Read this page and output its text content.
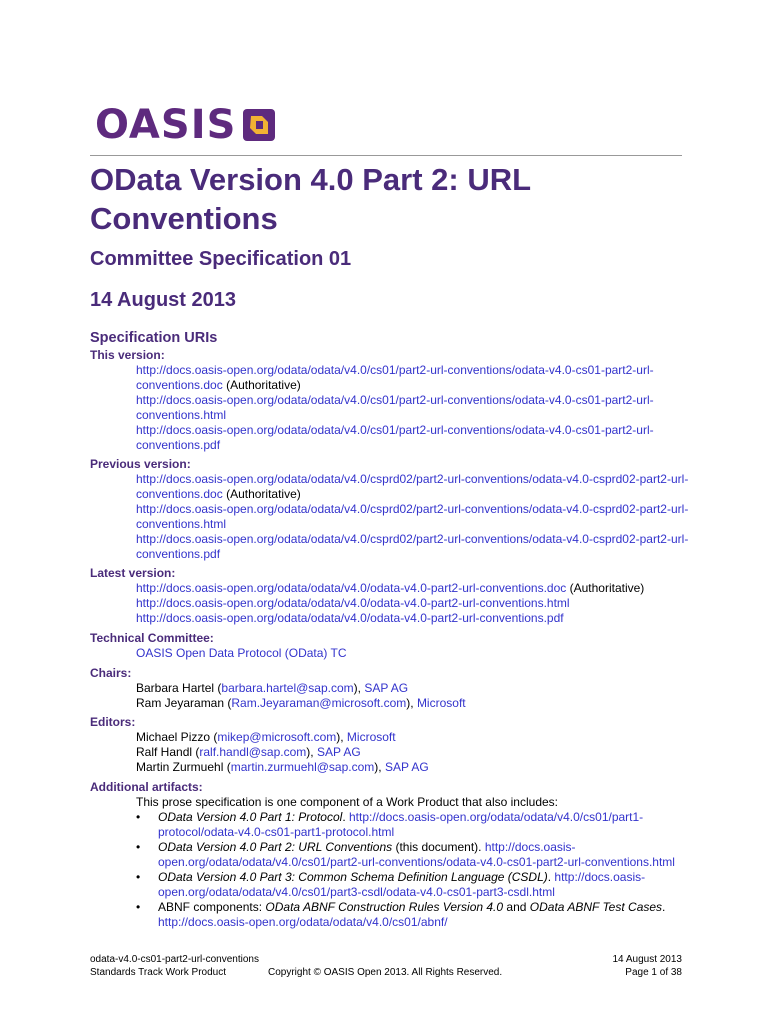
OASIS
OData Version 4.0 Part 2: URL Conventions
Committee Specification 01
14 August 2013
Specification URIs
This version:
http://docs.oasis-open.org/odata/odata/v4.0/cs01/part2-url-conventions/odata-v4.0-cs01-part2-url-conventions.doc (Authoritative)
http://docs.oasis-open.org/odata/odata/v4.0/cs01/part2-url-conventions/odata-v4.0-cs01-part2-url-conventions.html
http://docs.oasis-open.org/odata/odata/v4.0/cs01/part2-url-conventions/odata-v4.0-cs01-part2-url-conventions.pdf
Previous version:
http://docs.oasis-open.org/odata/odata/v4.0/csprd02/part2-url-conventions/odata-v4.0-csprd02-part2-url-conventions.doc (Authoritative)
http://docs.oasis-open.org/odata/odata/v4.0/csprd02/part2-url-conventions/odata-v4.0-csprd02-part2-url-conventions.html
http://docs.oasis-open.org/odata/odata/v4.0/csprd02/part2-url-conventions/odata-v4.0-csprd02-part2-url-conventions.pdf
Latest version:
http://docs.oasis-open.org/odata/odata/v4.0/odata-v4.0-part2-url-conventions.doc (Authoritative)
http://docs.oasis-open.org/odata/odata/v4.0/odata-v4.0-part2-url-conventions.html
http://docs.oasis-open.org/odata/odata/v4.0/odata-v4.0-part2-url-conventions.pdf
Technical Committee:
OASIS Open Data Protocol (OData) TC
Chairs:
Barbara Hartel (barbara.hartel@sap.com), SAP AG
Ram Jeyaraman (Ram.Jeyaraman@microsoft.com), Microsoft
Editors:
Michael Pizzo (mikep@microsoft.com), Microsoft
Ralf Handl (ralf.handl@sap.com), SAP AG
Martin Zurmuehl (martin.zurmuehl@sap.com), SAP AG
Additional artifacts:
This prose specification is one component of a Work Product that also includes:
• OData Version 4.0 Part 1: Protocol. http://docs.oasis-open.org/odata/odata/v4.0/cs01/part1-protocol/odata-v4.0-cs01-part1-protocol.html
• OData Version 4.0 Part 2: URL Conventions (this document). http://docs.oasis-open.org/odata/odata/v4.0/cs01/part2-url-conventions/odata-v4.0-cs01-part2-url-conventions.html
• OData Version 4.0 Part 3: Common Schema Definition Language (CSDL). http://docs.oasis-open.org/odata/odata/v4.0/cs01/part3-csdl/odata-v4.0-cs01-part3-csdl.html
• ABNF components: OData ABNF Construction Rules Version 4.0 and OData ABNF Test Cases. http://docs.oasis-open.org/odata/odata/v4.0/cs01/abnf/
odata-v4.0-cs01-part2-url-conventions
Standards Track Work Product	Copyright © OASIS Open 2013. All Rights Reserved.
14 August 2013
Page 1 of 38
